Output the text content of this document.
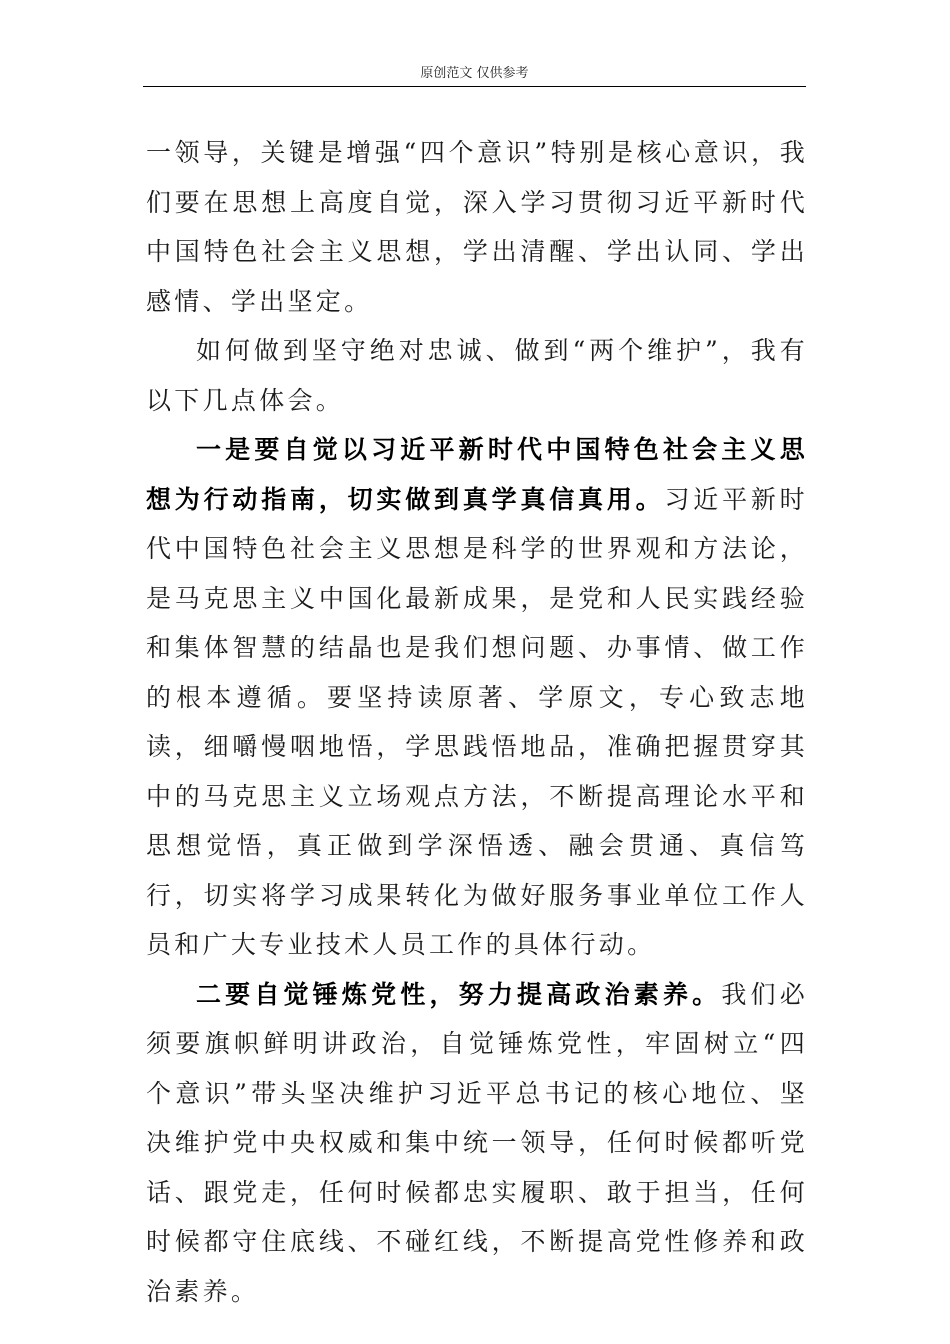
原创范文 仅供参考

一领导，关键是增强“四个意识”特别是核心意识，我们要在思想上高度自觉，深入学习贯彻习近平新时代中国特色社会主义思想，学出清醒、学出认同、学出感情、学出坚定。

如何做到坚守绝对忠诚、做到“两个维护”，我有以下几点体会。

一是要自觉以习近平新时代中国特色社会主义思想为行动指南，切实做到真学真信真用。习近平新时代中国特色社会主义思想是科学的世界观和方法论，是马克思主义中国化最新成果，是党和人民实践经验和集体智慧的结晶也是我们想问题、办事情、做工作的根本遵循。要坚持读原著、学原文，专心致志地读，细嚼慢咽地悟，学思践悟地品，准确把握贯穿其中的马克思主义立场观点方法，不断提高理论水平和思想觉悟，真正做到学深悟透、融会贯通、真信笃行，切实将学习成果转化为做好服务事业单位工作人员和广大专业技术人员工作的具体行动。

二要自觉锤炼党性，努力提高政治素养。我们必须要旗帜鲜明讲政治，自觉锤炼党性，牢固树立“四个意识”带头坚决维护习近平总书记的核心地位、坚决维护党中央权威和集中统一领导，任何时候都听党话、跟党走，任何时候都忠实履职、敢于担当，任何时候都守住底线、不碰红线，不断提高党性修养和政治素养。
